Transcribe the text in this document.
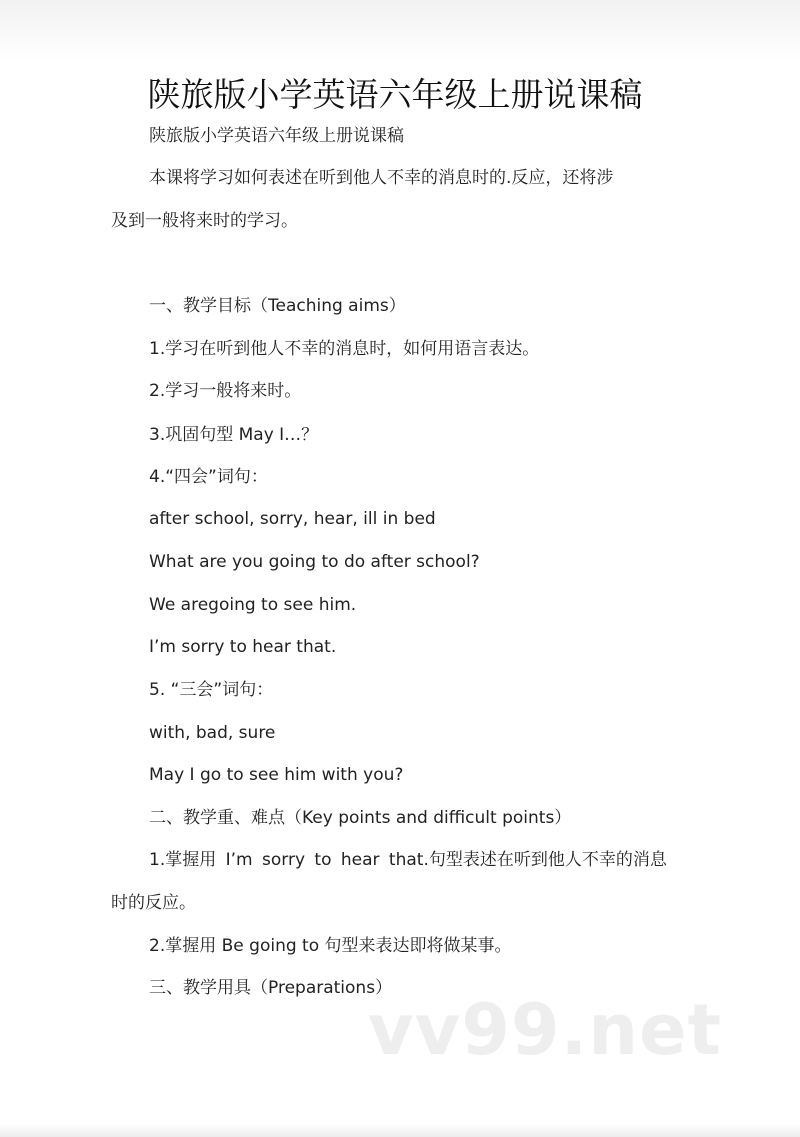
陕旅版小学英语六年级上册说课稿
陕旅版小学英语六年级上册说课稿
本课将学习如何表述在听到他人不幸的消息时的.反应，还将涉
及到一般将来时的学习。
一、教学目标（Teaching aims）
1.学习在听到他人不幸的消息时，如何用语言表达。
2.学习一般将来时。
3.巩固句型 May I…？
4.“四会”词句：
after school, sorry, hear, ill in bed
What are you going to do after school?
We aregoing to see him.
I’m sorry to hear that.
5. “三会”词句：
with, bad, sure
May I go to see him with you?
二、教学重、难点（Key points and difficult points）
1.掌握用 I’m sorry to hear that.句型表述在听到他人不幸的消息
时的反应。
2.掌握用 Be going to 句型来表达即将做某事。
三、教学用具（Preparations）
vv99.net
